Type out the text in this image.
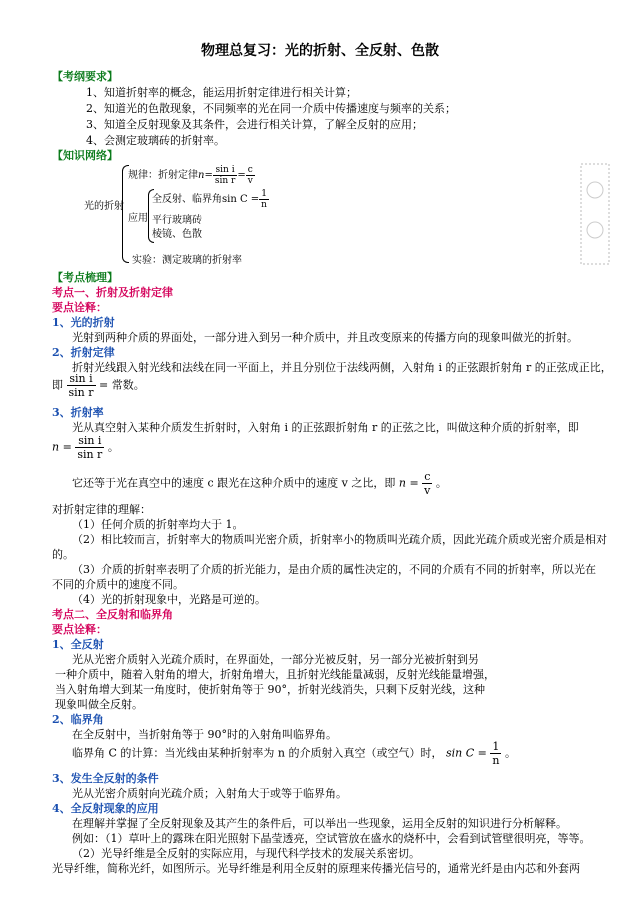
物理总复习：光的折射、全反射、色散
【考纲要求】
1、知道折射率的概念，能运用折射定律进行相关计算；
2、知道光的色散现象，不同频率的光在同一介质中传播速度与频率的关系；
3、知道全反射现象及其条件，会进行相关计算，了解全反射的应用；
4、会测定玻璃砖的折射率。
【知识网络】
光的折射
规律：折射定律$n= \frac{\text{sin i}}{\text{sin r}} = \frac{c}{v}$
应用
全反射、临界角$\sin C = \frac{1}{n}$
平行玻璃砖
棱镜、色散
实验：测定玻璃的折射率
【考点梳理】
考点一、折射及折射定律
要点诠释：
1、光的折射
光射到两种介质的界面处，一部分进入到另一种介质中，并且改变原来的传播方向的现象叫做光的折射。
2、折射定律
折射光线跟入射光线和法线在同一平面上，并且分别位于法线两侧，入射角 i 的正弦跟折射角 r 的正弦成正比，
即 $\frac{\text{sin i}}{\text{sin r}}$ = 常数。
3、折射率
光从真空射入某种介质发生折射时，入射角 i 的正弦跟折射角 r 的正弦之比，叫做这种介质的折射率，即
$n = \frac{\text{sin i}}{\text{sin r}}$ 。
它还等于光在真空中的速度 c 跟光在这种介质中的速度 v 之比，即 $n = \frac{c}{v}$ 。
对折射定律的理解：
（1）任何介质的折射率均大于 1。
（2）相比较而言，折射率大的物质叫光密介质，折射率小的物质叫光疏介质，因此光疏介质或光密介质是相对
的。
（3）介质的折射率表明了介质的折光能力，是由介质的属性决定的，不同的介质有不同的折射率，所以光在
不同的介质中的速度不同。
（4）光的折射现象中，光路是可逆的。
考点二、全反射和临界角
要点诠释：
1、全反射
光从光密介质射入光疏介质时，在界面处，一部分光被反射，另一部分光被折射到另
一种介质中，随着入射角的增大，折射角增大，且折射光线能量减弱，反射光线能量增强，
当入射角增大到某一角度时，使折射角等于 90°，折射光线消失，只剩下反射光线，这种
现象叫做全反射。
2、临界角
在全反射中，当折射角等于 90°时的入射角叫临界角。
临界角 C 的计算：当光线由某种折射率为 n 的介质射入真空（或空气）时， $\sin C = \frac{1}{n}$ 。
3、发生全反射的条件
光从光密介质射向光疏介质；入射角大于或等于临界角。
4、全反射现象的应用
在理解并掌握了全反射现象及其产生的条件后，可以举出一些现象，运用全反射的知识进行分析解释。
例如：（1）草叶上的露珠在阳光照射下晶莹透亮，空试管放在盛水的烧杯中，会看到试管壁很明亮，等等。
（2）光导纤维是全反射的实际应用，与现代科学技术的发展关系密切。
光导纤维，简称光纤，如图所示。光导纤维是利用全反射的原理来传播光信号的，通常光纤是由内芯和外套两
